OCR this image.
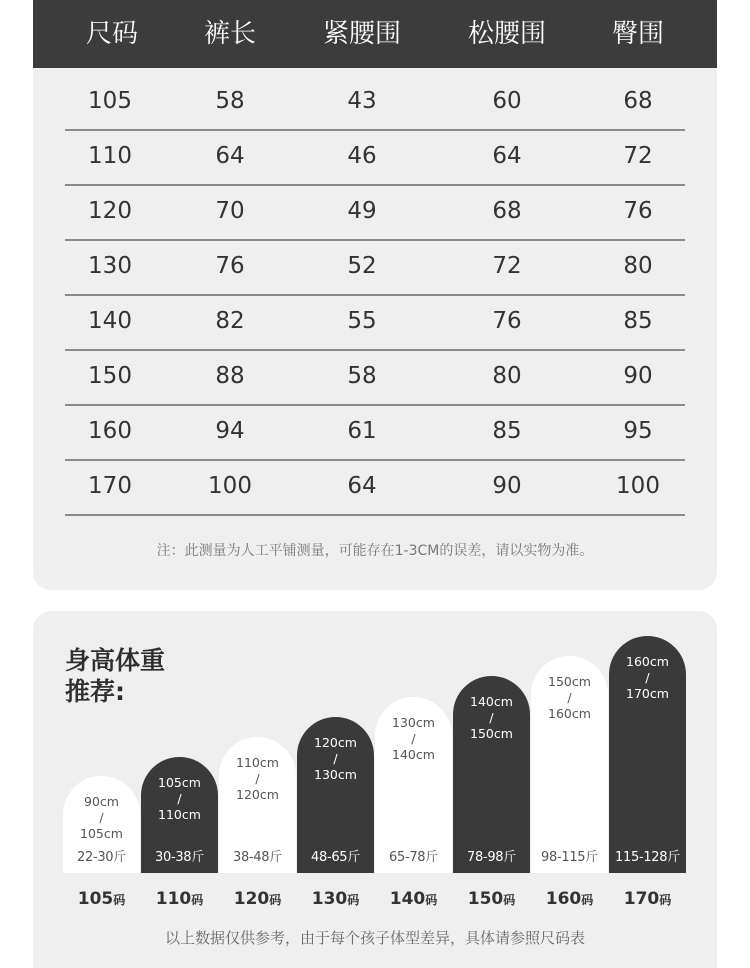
尺码	裤长	紧腰围	松腰围	臀围
105	58	43	60	68
110	64	46	64	72
120	70	49	68	76
130	76	52	72	80
140	82	55	76	85
150	88	58	80	90
160	94	61	85	95
170	100	64	90	100
注：此测量为人工平铺测量，可能存在1-3CM的误差，请以实物为准。
身高体重
推荐:
90cm
/
105cm
22-30斤
105cm
/
110cm
30-38斤
110cm
/
120cm
38-48斤
120cm
/
130cm
48-65斤
130cm
/
140cm
65-78斤
140cm
/
150cm
78-98斤
150cm
/
160cm
98-115斤
160cm
/
170cm
115-128斤
105码	110码	120码	130码	140码	150码	160码	170码
以上数据仅供参考，由于每个孩子体型差异，具体请参照尺码表
